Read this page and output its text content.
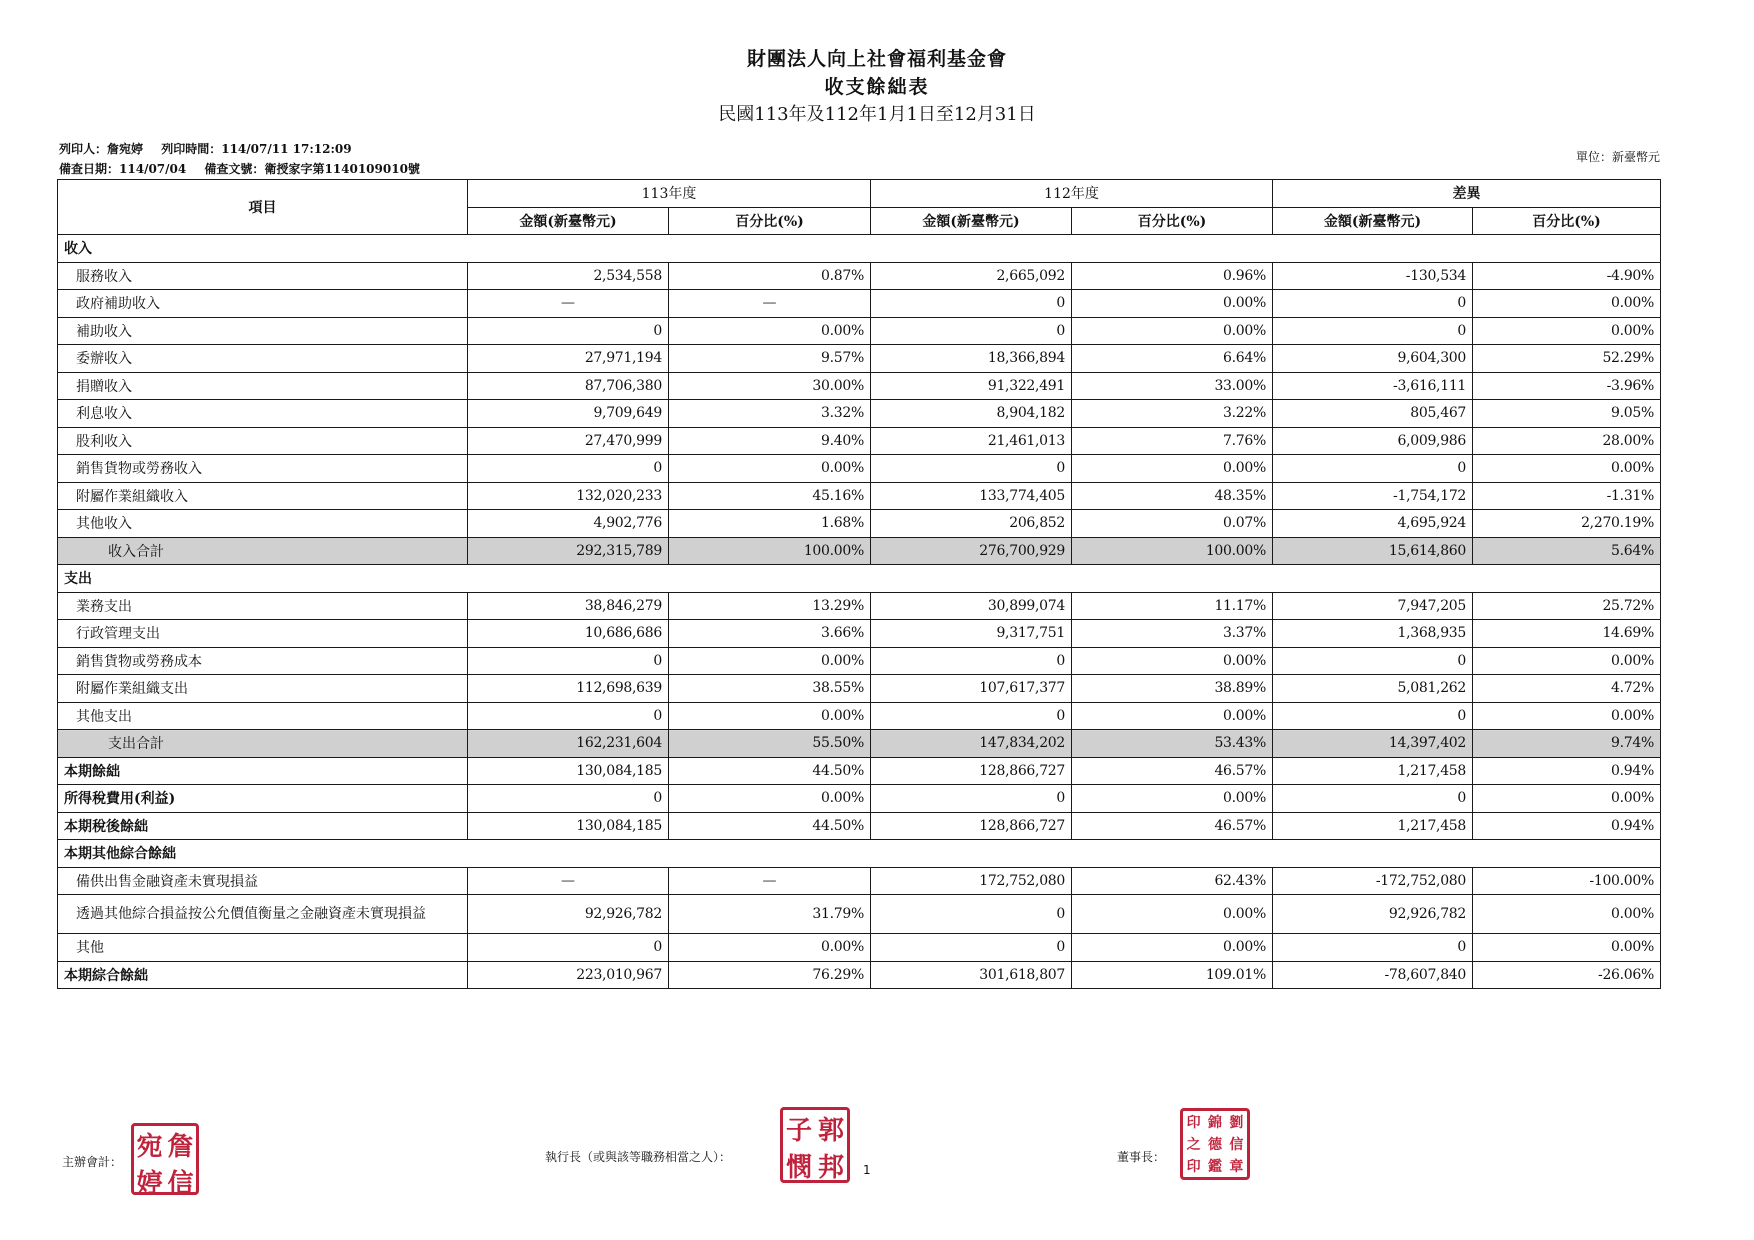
財團法人向上社會福利基金會
收支餘絀表
民國113年及112年1月1日至12月31日
列印人：詹宛婷 列印時間：114/07/11 17:12:09
備查日期：114/07/04 備查文號：衛授家字第1140109010號
單位：新臺幣元
項目	113年度		112年度		差異	
	金額(新臺幣元)	百分比(%)	金額(新臺幣元)	百分比(%)	金額(新臺幣元)	百分比(%)
收入						
服務收入	2,534,558	0.87%	2,665,092	0.96%	-130,534	-4.90%
政府補助收入	—	—	0	0.00%	0	0.00%
補助收入	0	0.00%	0	0.00%	0	0.00%
委辦收入	27,971,194	9.57%	18,366,894	6.64%	9,604,300	52.29%
捐贈收入	87,706,380	30.00%	91,322,491	33.00%	-3,616,111	-3.96%
利息收入	9,709,649	3.32%	8,904,182	3.22%	805,467	9.05%
股利收入	27,470,999	9.40%	21,461,013	7.76%	6,009,986	28.00%
銷售貨物或勞務收入	0	0.00%	0	0.00%	0	0.00%
附屬作業組織收入	132,020,233	45.16%	133,774,405	48.35%	-1,754,172	-1.31%
其他收入	4,902,776	1.68%	206,852	0.07%	4,695,924	2,270.19%
收入合計	292,315,789	100.00%	276,700,929	100.00%	15,614,860	5.64%
支出						
業務支出	38,846,279	13.29%	30,899,074	11.17%	7,947,205	25.72%
行政管理支出	10,686,686	3.66%	9,317,751	3.37%	1,368,935	14.69%
銷售貨物或勞務成本	0	0.00%	0	0.00%	0	0.00%
附屬作業組織支出	112,698,639	38.55%	107,617,377	38.89%	5,081,262	4.72%
其他支出	0	0.00%	0	0.00%	0	0.00%
支出合計	162,231,604	55.50%	147,834,202	53.43%	14,397,402	9.74%
本期餘絀	130,084,185	44.50%	128,866,727	46.57%	1,217,458	0.94%
所得稅費用(利益)	0	0.00%	0	0.00%	0	0.00%
本期稅後餘絀	130,084,185	44.50%	128,866,727	46.57%	1,217,458	0.94%
本期其他綜合餘絀						
備供出售金融資產未實現損益	—	—	172,752,080	62.43%	-172,752,080	-100.00%
透過其他綜合損益按公允價值衡量之金融資產未實現損益	92,926,782	31.79%	0	0.00%	92,926,782	0.00%
其他	0	0.00%	0	0.00%	0	0.00%
本期綜合餘絀	223,010,967	76.29%	301,618,807	109.01%	-78,607,840	-26.06%
主辦會計： 宛 詹
婷 信
執行長（或與該等職務相當之人）：
子 郭
憫 邦 1
董事長：
印 錦 劉
之 德 信
印 鑑 章
